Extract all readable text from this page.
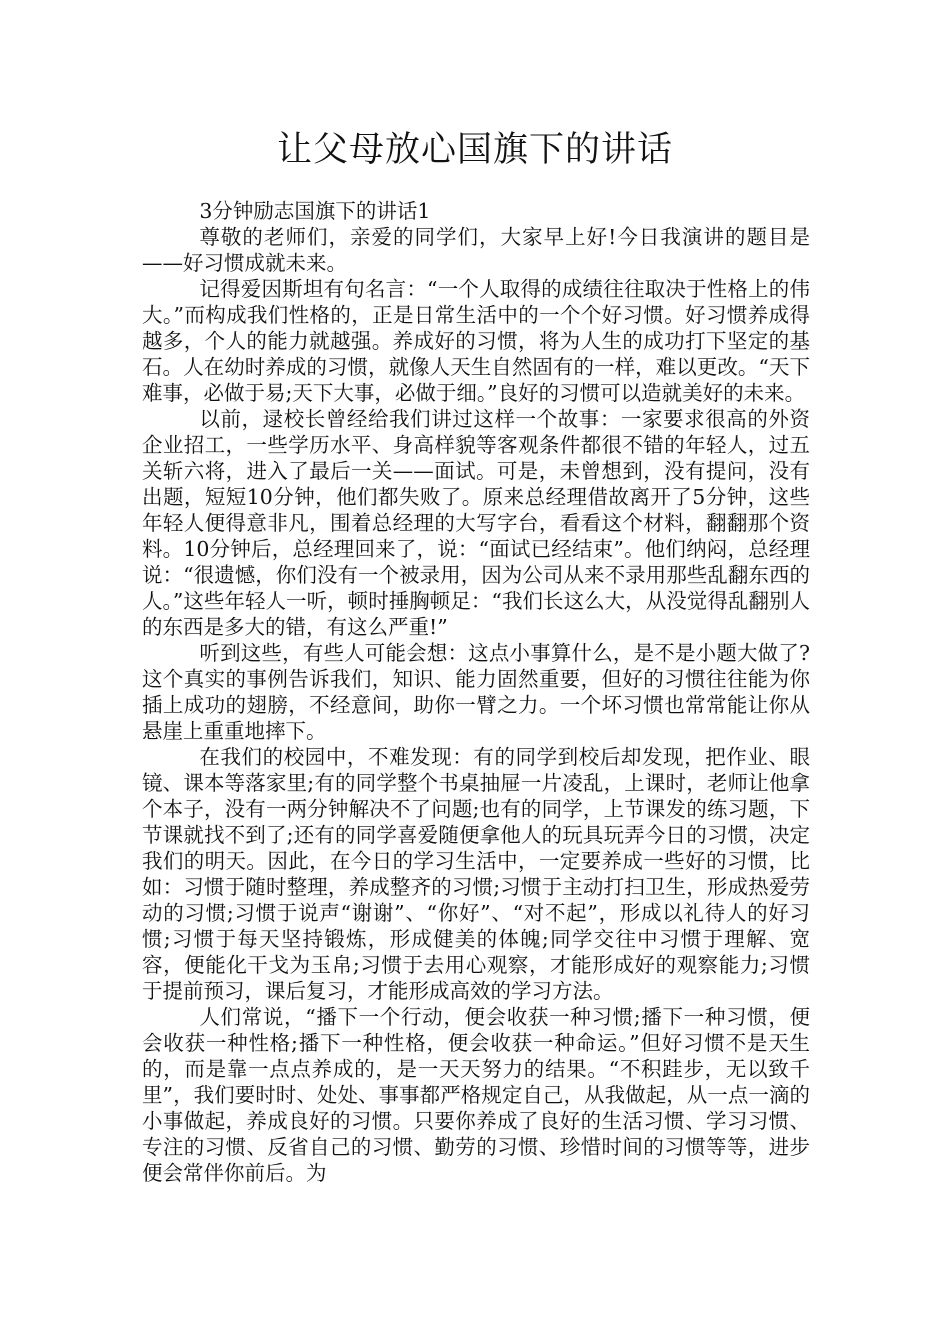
让父母放心国旗下的讲话

3分钟励志国旗下的讲话1

尊敬的老师们，亲爱的同学们，大家早上好!今日我演讲的题目是——好习惯成就未来。

记得爱因斯坦有句名言：“一个人取得的成绩往往取决于性格上的伟大。”而构成我们性格的，正是日常生活中的一个个好习惯。好习惯养成得越多，个人的能力就越强。养成好的习惯，将为人生的成功打下坚定的基石。人在幼时养成的习惯，就像人天生自然固有的一样，难以更改。“天下难事，必做于易;天下大事，必做于细。”良好的习惯可以造就美好的未来。

以前，逯校长曾经给我们讲过这样一个故事：一家要求很高的外资企业招工，一些学历水平、身高样貌等客观条件都很不错的年轻人，过五关斩六将，进入了最后一关——面试。可是，未曾想到，没有提问，没有出题，短短10分钟，他们都失败了。原来总经理借故离开了5分钟，这些年轻人便得意非凡，围着总经理的大写字台，看看这个材料，翻翻那个资料。10分钟后，总经理回来了，说：“面试已经结束”。他们纳闷，总经理说：“很遗憾，你们没有一个被录用，因为公司从来不录用那些乱翻东西的人。”这些年轻人一听，顿时捶胸顿足：“我们长这么大，从没觉得乱翻别人的东西是多大的错，有这么严重!”

听到这些，有些人可能会想：这点小事算什么，是不是小题大做了?这个真实的事例告诉我们，知识、能力固然重要，但好的习惯往往能为你插上成功的翅膀，不经意间，助你一臂之力。一个坏习惯也常常能让你从悬崖上重重地摔下。

在我们的校园中，不难发现：有的同学到校后却发现，把作业、眼镜、课本等落家里;有的同学整个书桌抽屉一片凌乱，上课时，老师让他拿个本子，没有一两分钟解决不了问题;也有的同学，上节课发的练习题，下节课就找不到了;还有的同学喜爱随便拿他人的玩具玩弄今日的习惯，决定我们的明天。因此，在今日的学习生活中，一定要养成一些好的习惯，比如：习惯于随时整理，养成整齐的习惯;习惯于主动打扫卫生，形成热爱劳动的习惯;习惯于说声“谢谢”、“你好”、“对不起”，形成以礼待人的好习惯;习惯于每天坚持锻炼，形成健美的体魄;同学交往中习惯于理解、宽容，便能化干戈为玉帛;习惯于去用心观察，才能形成好的观察能力;习惯于提前预习，课后复习，才能形成高效的学习方法。

人们常说，“播下一个行动，便会收获一种习惯;播下一种习惯，便会收获一种性格;播下一种性格，便会收获一种命运。”但好习惯不是天生的，而是靠一点点养成的，是一天天努力的结果。“不积跬步，无以致千里”，我们要时时、处处、事事都严格规定自己，从我做起，从一点一滴的小事做起，养成良好的习惯。只要你养成了良好的生活习惯、学习习惯、专注的习惯、反省自己的习惯、勤劳的习惯、珍惜时间的习惯等等，进步便会常伴你前后。为
